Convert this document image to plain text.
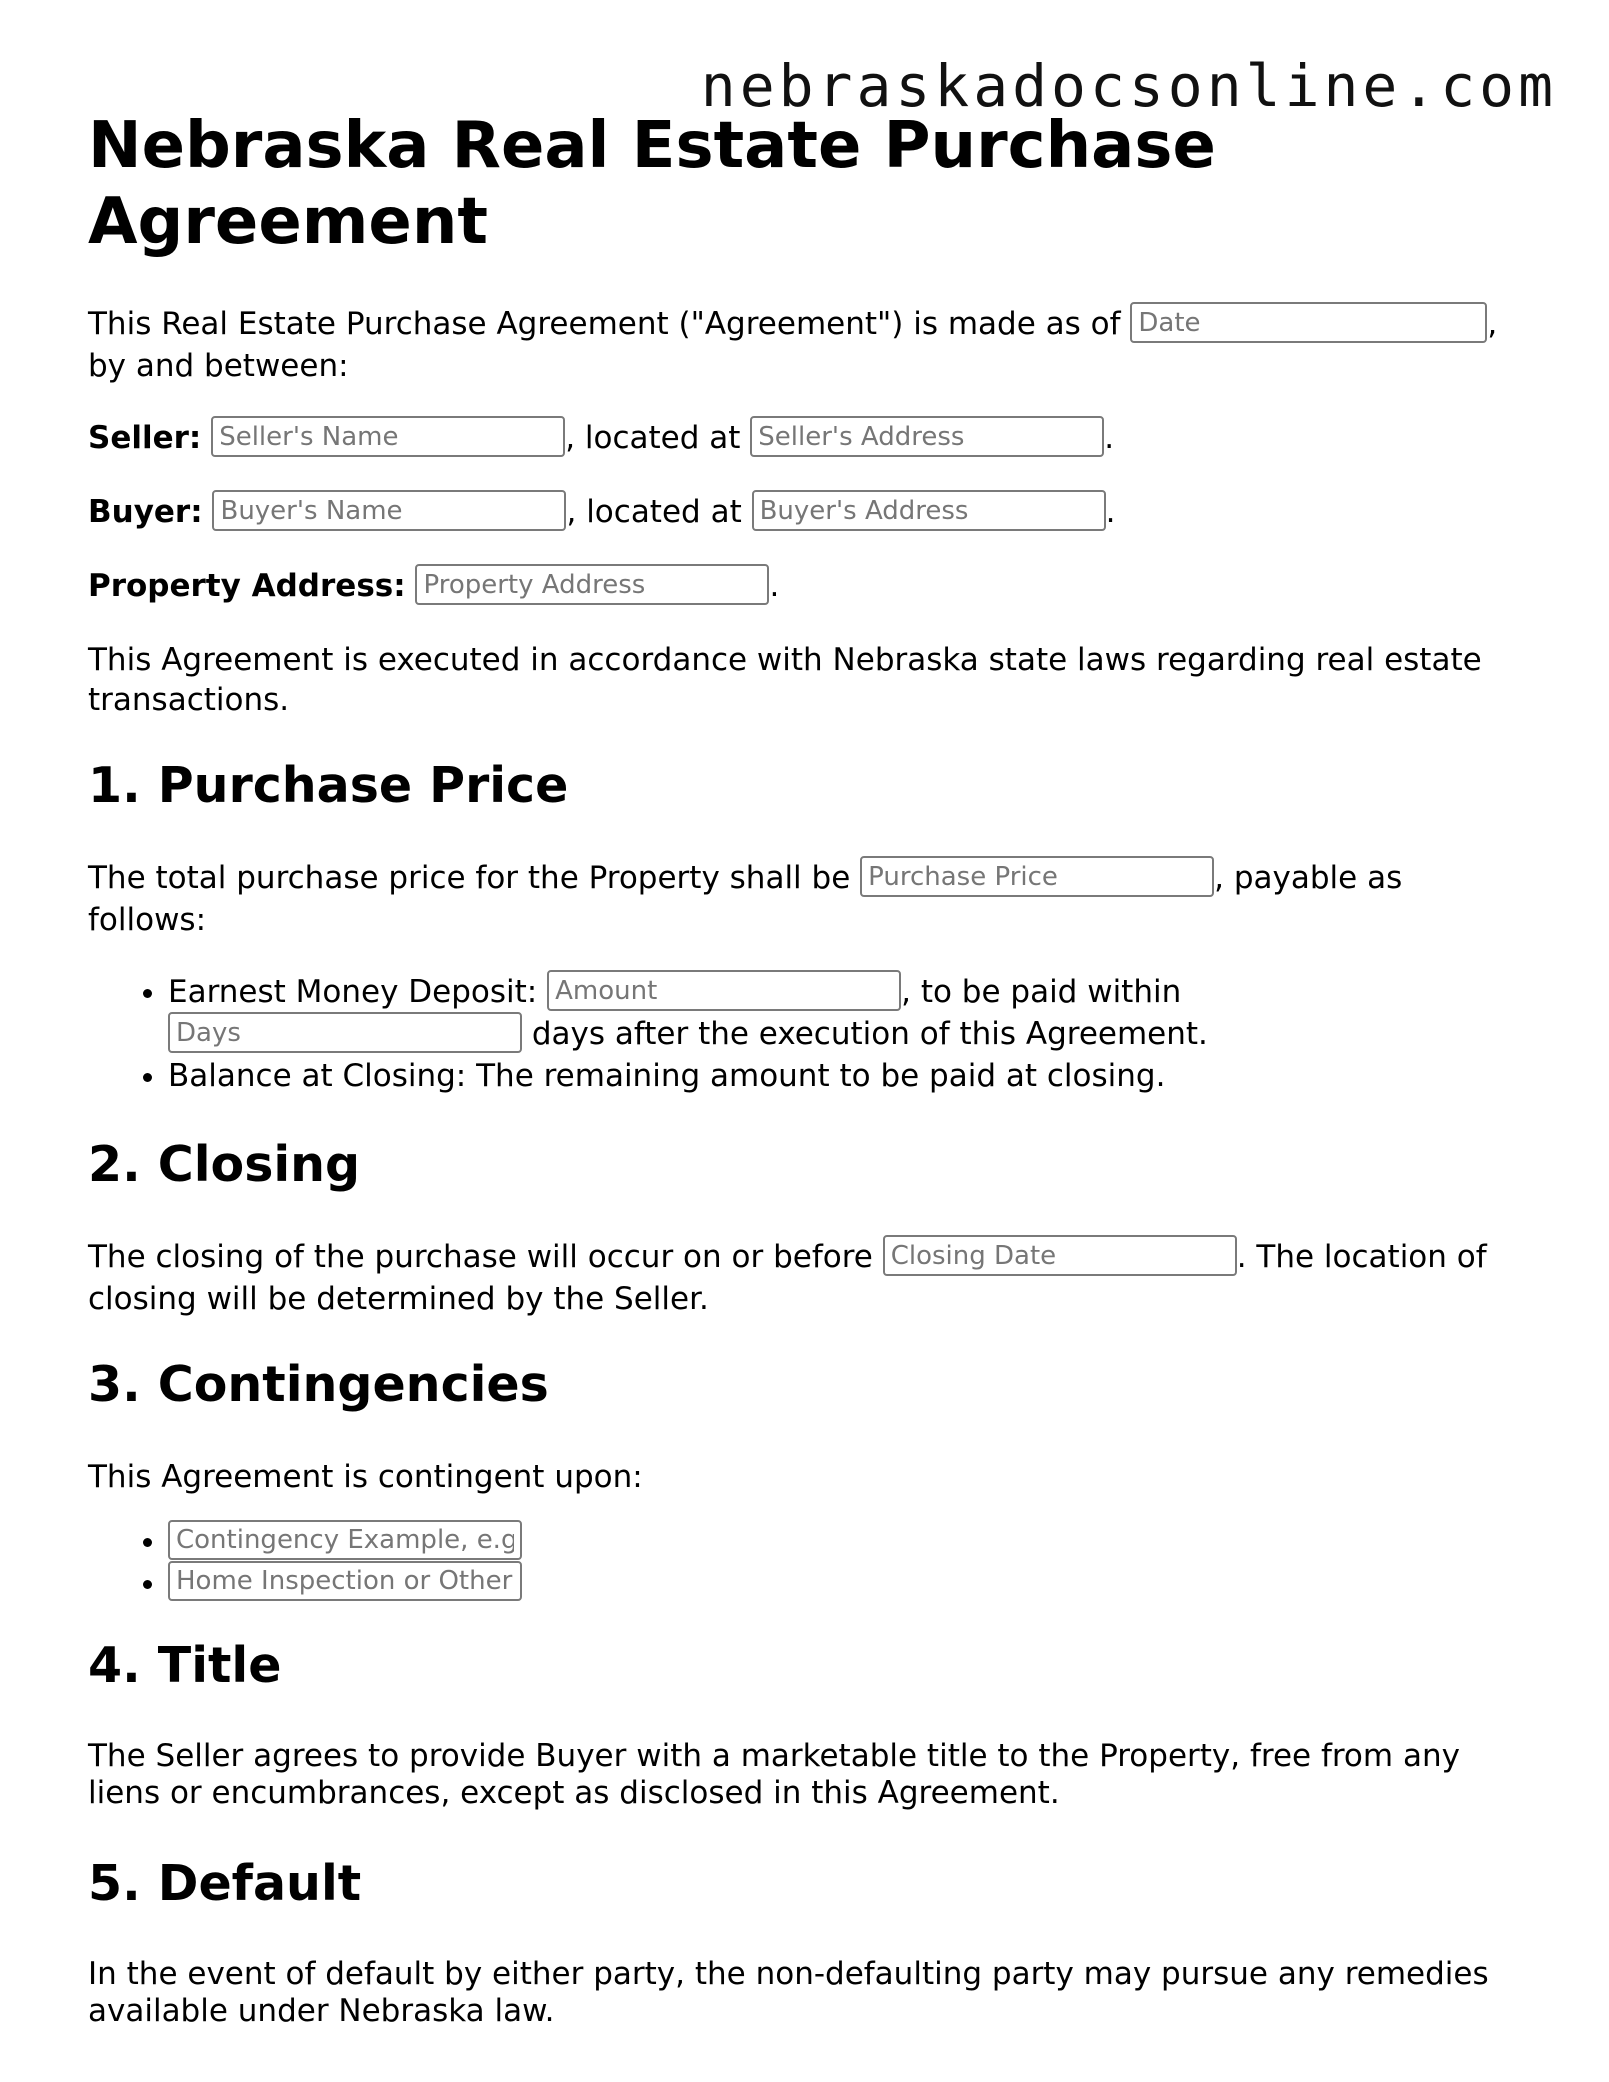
nebraskadocsonline.com
Nebraska Real Estate Purchase Agreement

This Real Estate Purchase Agreement ("Agreement") is made as of Date	, by and between:

Seller: Seller's Name	, located at Seller's Address	.

Buyer: Buyer's Name	, located at Buyer's Address	.

Property Address: Property Address	.

This Agreement is executed in accordance with Nebraska state laws regarding real estate transactions.

1. Purchase Price

The total purchase price for the Property shall be Purchase Price	, payable as follows:

• Earnest Money Deposit: Amount	, to be paid within Days days after the execution of this Agreement.
• Balance at Closing: The remaining amount to be paid at closing.
2. Closing

The closing of the purchase will occur on or before Closing Date	. The location of closing will be determined by the Seller.

3. Contingencies

This Agreement is contingent upon:

• Contingency Example, e.g.
• Home Inspection or Other
4. Title

The Seller agrees to provide Buyer with a marketable title to the Property, free from any liens or encumbrances, except as disclosed in this Agreement.

5. Default

In the event of default by either party, the non-defaulting party may pursue any remedies available under Nebraska law.
